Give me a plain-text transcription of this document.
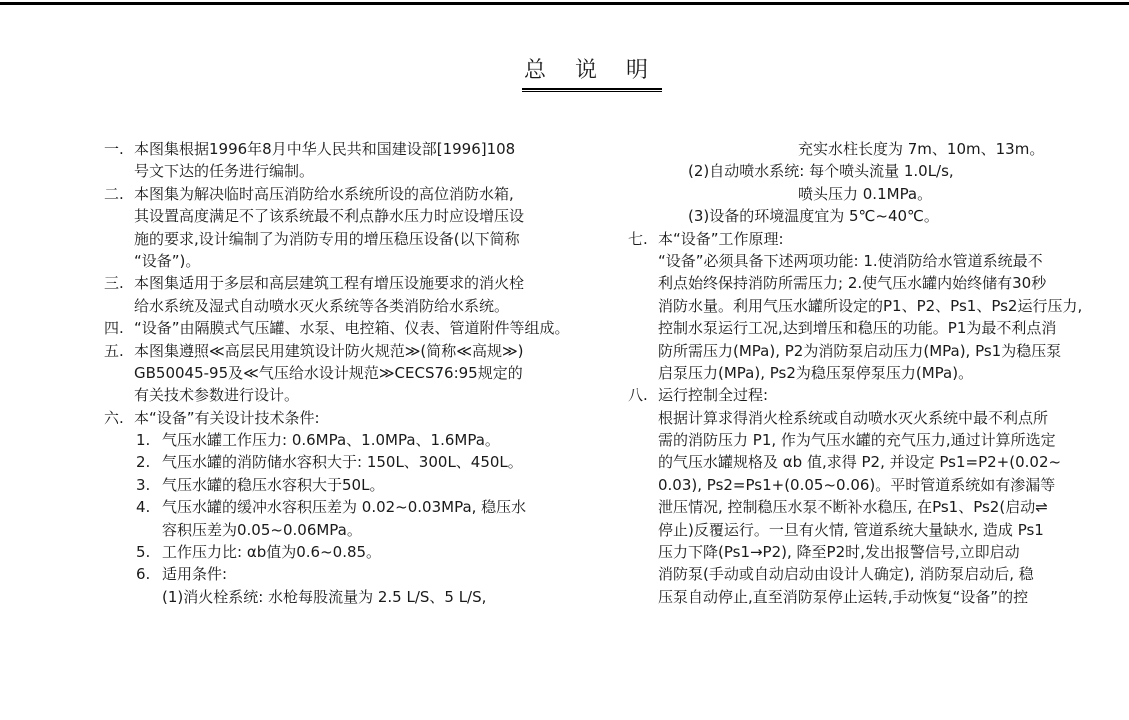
总 说 明
一. 本图集根据1996年8月中华人民共和国建设部[1996]108
号文下达的任务进行编制。
二. 本图集为解决临时高压消防给水系统所设的高位消防水箱,
其设置高度满足不了该系统最不利点静水压力时应设增压设
施的要求,设计编制了为消防专用的增压稳压设备(以下简称
“设备”)。
三. 本图集适用于多层和高层建筑工程有增压设施要求的消火栓
给水系统及湿式自动喷水灭火系统等各类消防给水系统。
四. “设备”由隔膜式气压罐、水泵、电控箱、仪表、管道附件等组成。
五. 本图集遵照≪高层民用建筑设计防火规范≫(简称≪高规≫)
GB50045-95及≪气压给水设计规范≫CECS76:95规定的
有关技术参数进行设计。
六. 本“设备”有关设计技术条件:
1. 气压水罐工作压力: 0.6MPa、1.0MPa、1.6MPa。
2. 气压水罐的消防储水容积大于: 150L、300L、450L。
3. 气压水罐的稳压水容积大于50L。
4. 气压水罐的缓冲水容积压差为 0.02~0.03MPa, 稳压水
容积压差为0.05~0.06MPa。
5. 工作压力比: αb值为0.6~0.85。
6. 适用条件:
(1)消火栓系统: 水枪每股流量为 2.5 L/S、5 L/S,
充实水柱长度为 7m、10m、13m。
(2)自动喷水系统: 每个喷头流量 1.0L/s,
喷头压力 0.1MPa。
(3)设备的环境温度宜为 5℃~40℃。
七. 本“设备”工作原理:
“设备”必须具备下述两项功能: 1.使消防给水管道系统最不
利点始终保持消防所需压力; 2.使气压水罐内始终储有30秒
消防水量。利用气压水罐所设定的P1、P2、Ps1、Ps2运行压力,
控制水泵运行工况,达到增压和稳压的功能。P1为最不利点消
防所需压力(MPa), P2为消防泵启动压力(MPa), Ps1为稳压泵
启泵压力(MPa), Ps2为稳压泵停泵压力(MPa)。
八. 运行控制全过程:
根据计算求得消火栓系统或自动喷水灭火系统中最不利点所
需的消防压力 P1, 作为气压水罐的充气压力,通过计算所选定
的气压水罐规格及 αb 值,求得 P2, 并设定 Ps1=P2+(0.02~
0.03), Ps2=Ps1+(0.05~0.06)。平时管道系统如有渗漏等
泄压情况, 控制稳压水泵不断补水稳压, 在Ps1、Ps2(启动⇌
停止)反覆运行。一旦有火情, 管道系统大量缺水, 造成 Ps1
压力下降(Ps1→P2), 降至P2时,发出报警信号,立即启动
消防泵(手动或自动启动由设计人确定), 消防泵启动后, 稳
压泵自动停止,直至消防泵停止运转,手动恢复“设备”的控
